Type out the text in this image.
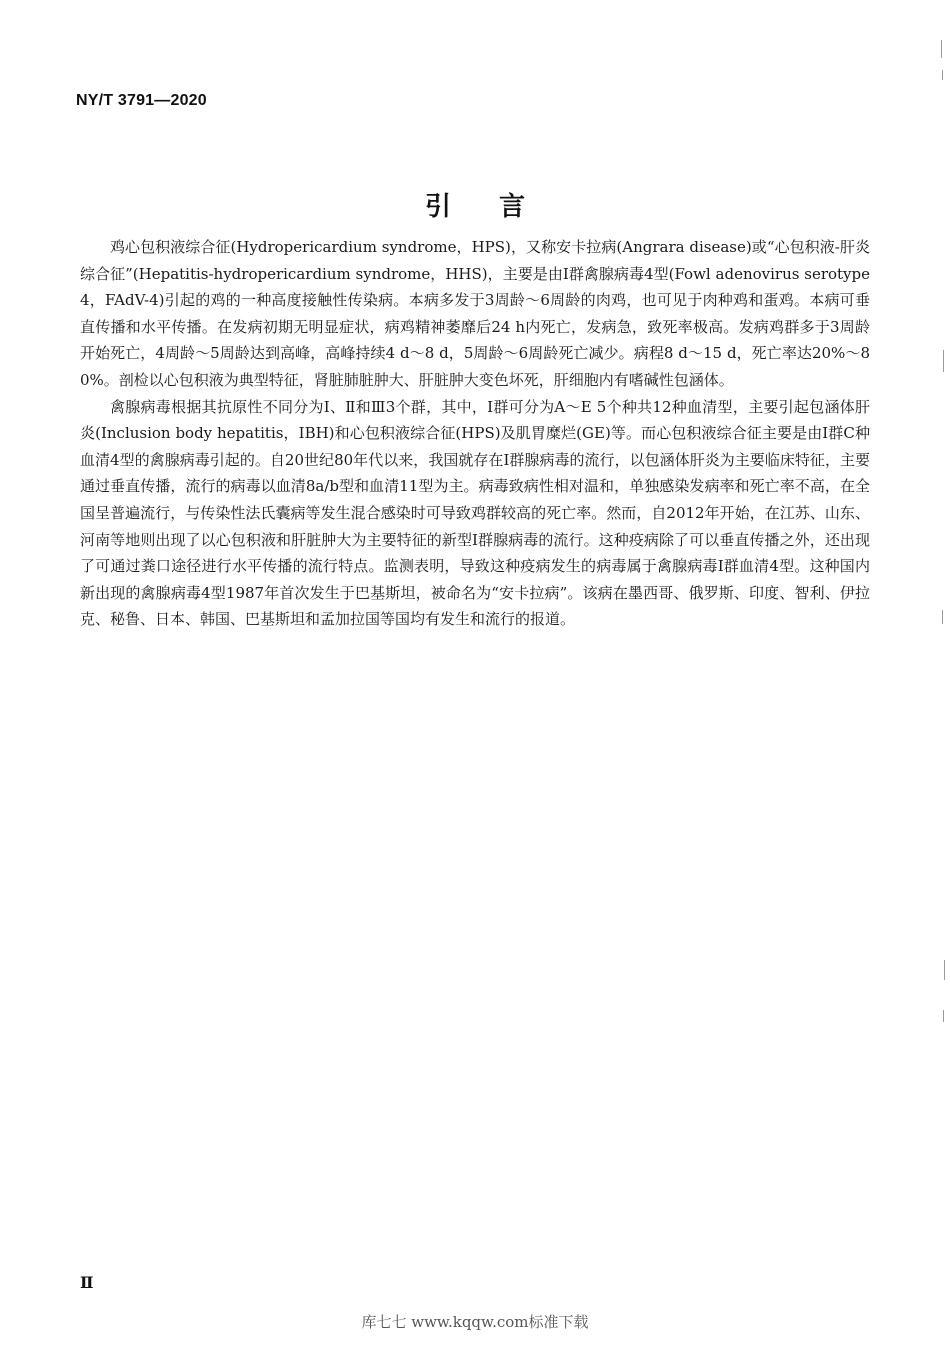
NY/T 3791—2020
引言

鸡心包积液综合征(Hydropericardium syndrome，HPS)，又称安卡拉病(Angrara disease)或“心包积液-肝炎综合征”(Hepatitis-hydropericardium syndrome，HHS)，主要是由Ⅰ群禽腺病毒4型(Fowl adenovirus serotype 4，FAdV-4)引起的鸡的一种高度接触性传染病。本病多发于3周龄～6周龄的肉鸡，也可见于肉种鸡和蛋鸡。本病可垂直传播和水平传播。在发病初期无明显症状，病鸡精神萎靡后24 h内死亡，发病急，致死率极高。发病鸡群多于3周龄开始死亡，4周龄～5周龄达到高峰，高峰持续4 d～8 d，5周龄～6周龄死亡减少。病程8 d～15 d，死亡率达20%～80%。剖检以心包积液为典型特征，肾脏肺脏肿大、肝脏肿大变色坏死，肝细胞内有嗜碱性包涵体。

禽腺病毒根据其抗原性不同分为Ⅰ、Ⅱ和Ⅲ3个群，其中，Ⅰ群可分为A～E 5个种共12种血清型，主要引起包涵体肝炎(Inclusion body hepatitis，IBH)和心包积液综合征(HPS)及肌胃糜烂(GE)等。而心包积液综合征主要是由Ⅰ群C种血清4型的禽腺病毒引起的。自20世纪80年代以来，我国就存在Ⅰ群腺病毒的流行，以包涵体肝炎为主要临床特征，主要通过垂直传播，流行的病毒以血清8a/b型和血清11型为主。病毒致病性相对温和，单独感染发病率和死亡率不高，在全国呈普遍流行，与传染性法氏囊病等发生混合感染时可导致鸡群较高的死亡率。然而，自2012年开始，在江苏、山东、河南等地则出现了以心包积液和肝脏肿大为主要特征的新型Ⅰ群腺病毒的流行。这种疫病除了可以垂直传播之外，还出现了可通过粪口途径进行水平传播的流行特点。监测表明，导致这种疫病发生的病毒属于禽腺病毒Ⅰ群血清4型。这种国内新出现的禽腺病毒4型1987年首次发生于巴基斯坦，被命名为“安卡拉病”。该病在墨西哥、俄罗斯、印度、智利、伊拉克、秘鲁、日本、韩国、巴基斯坦和孟加拉国等国均有发生和流行的报道。

Ⅱ
库七七 www.kqqw.com标准下载
